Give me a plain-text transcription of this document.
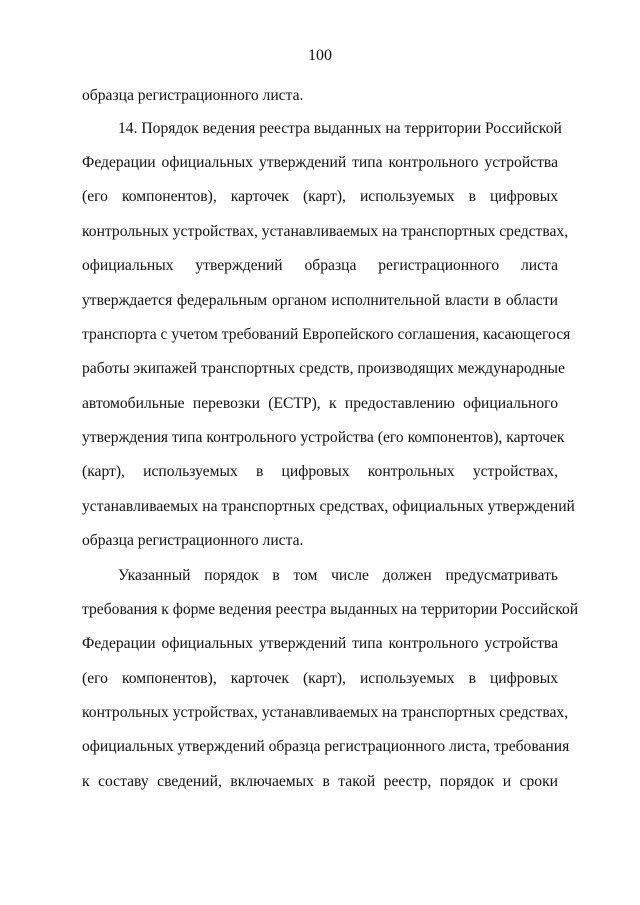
100
образца регистрационного листа.
14. Порядок ведения реестра выданных на территории Российской
Федерации официальных утверждений типа контрольного устройства
(его компонентов), карточек (карт), используемых в цифровых
контрольных устройствах, устанавливаемых на транспортных средствах,
официальных утверждений образца регистрационного листа
утверждается федеральным органом исполнительной власти в области
транспорта с учетом требований Европейского соглашения, касающегося
работы экипажей транспортных средств, производящих международные
автомобильные перевозки (ЕСТР), к предоставлению официального
утверждения типа контрольного устройства (его компонентов), карточек
(карт), используемых в цифровых контрольных устройствах,
устанавливаемых на транспортных средствах, официальных утверждений
образца регистрационного листа.
Указанный порядок в том числе должен предусматривать
требования к форме ведения реестра выданных на территории Российской
Федерации официальных утверждений типа контрольного устройства
(его компонентов), карточек (карт), используемых в цифровых
контрольных устройствах, устанавливаемых на транспортных средствах,
официальных утверждений образца регистрационного листа, требования
к составу сведений, включаемых в такой реестр, порядок и сроки
